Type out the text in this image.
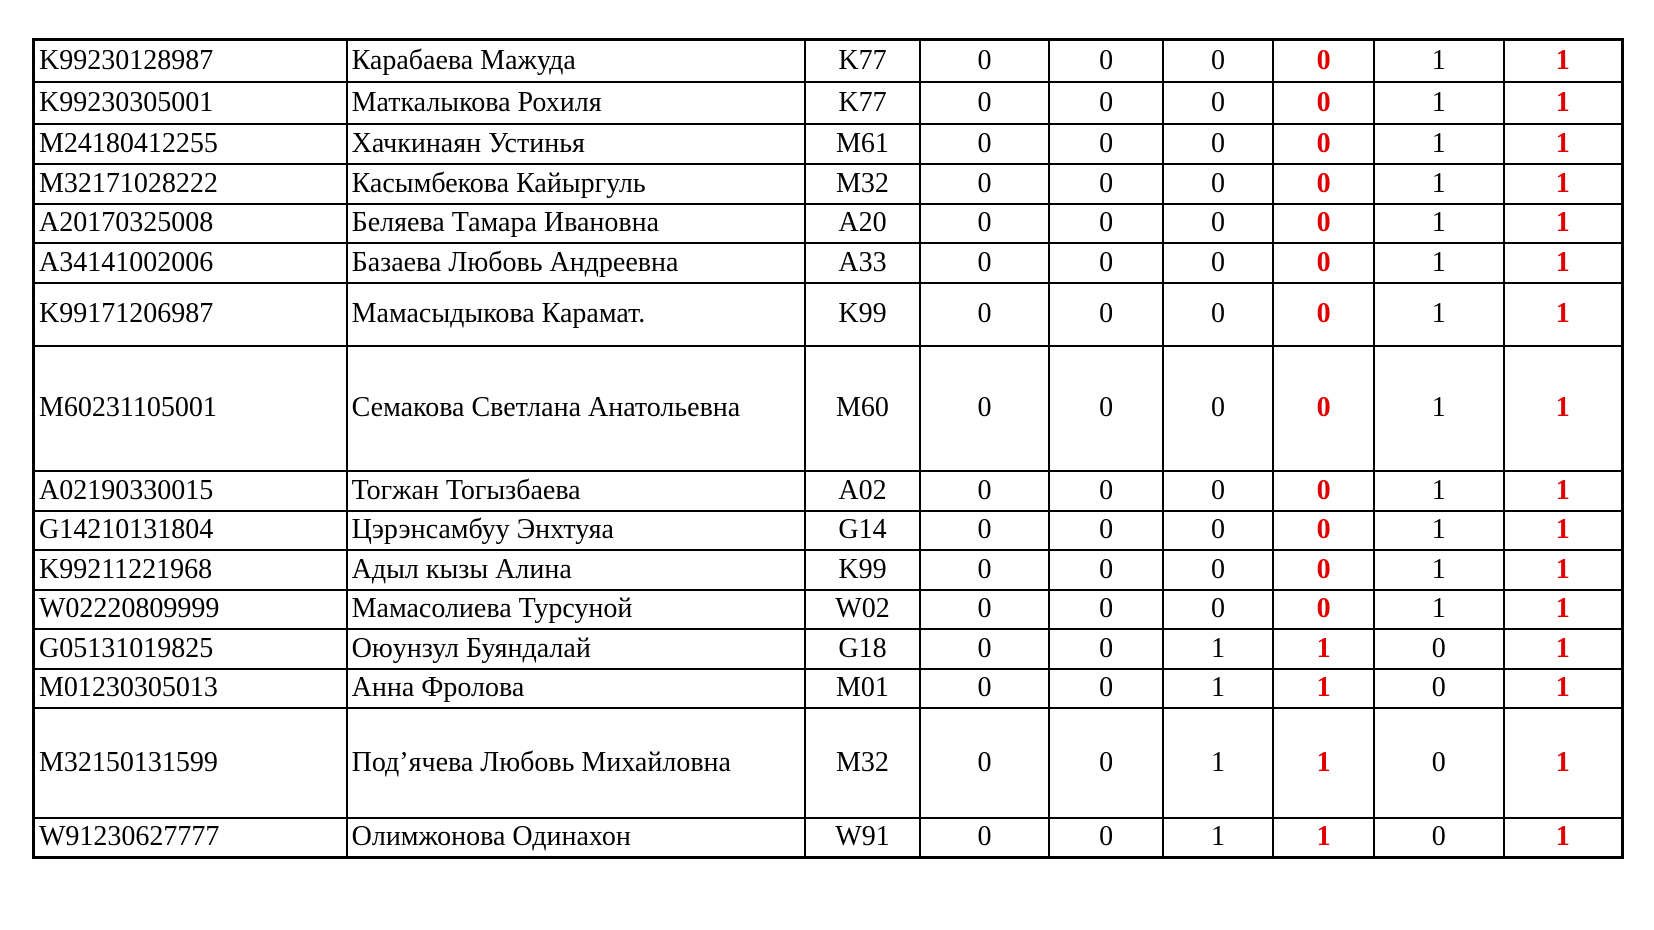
K99230128987	Карабаева Мажуда	K77	0	0	0	0	1	1
K99230305001	Маткалыкова Рохиля	K77	0	0	0	0	1	1
M24180412255	Хачкинаян Устинья	M61	0	0	0	0	1	1
M32171028222	Касымбекова Кайыргуль	M32	0	0	0	0	1	1
A20170325008	Беляева Тамара Ивановна	A20	0	0	0	0	1	1
A34141002006	Базаева Любовь Андреевна	A33	0	0	0	0	1	1
K99171206987	Мамасыдыкова Карамат.	K99	0	0	0	0	1	1
M60231105001	Семакова Светлана Анатольевна	M60	0	0	0	0	1	1
A02190330015	Тогжан Тогызбаева	A02	0	0	0	0	1	1
G14210131804	Цэрэнсамбуу Энхтуяа	G14	0	0	0	0	1	1
K99211221968	Адыл кызы Алина	K99	0	0	0	0	1	1
W02220809999	Мамасолиева Турсуной	W02	0	0	0	0	1	1
G05131019825	Оюунзул Буяндалай	G18	0	0	1	1	0	1
M01230305013	Анна Фролова	M01	0	0	1	1	0	1
M32150131599	Под’ячева Любовь Михайловна	M32	0	0	1	1	0	1
W91230627777	Олимжонова Одинахон	W91	0	0	1	1	0	1
